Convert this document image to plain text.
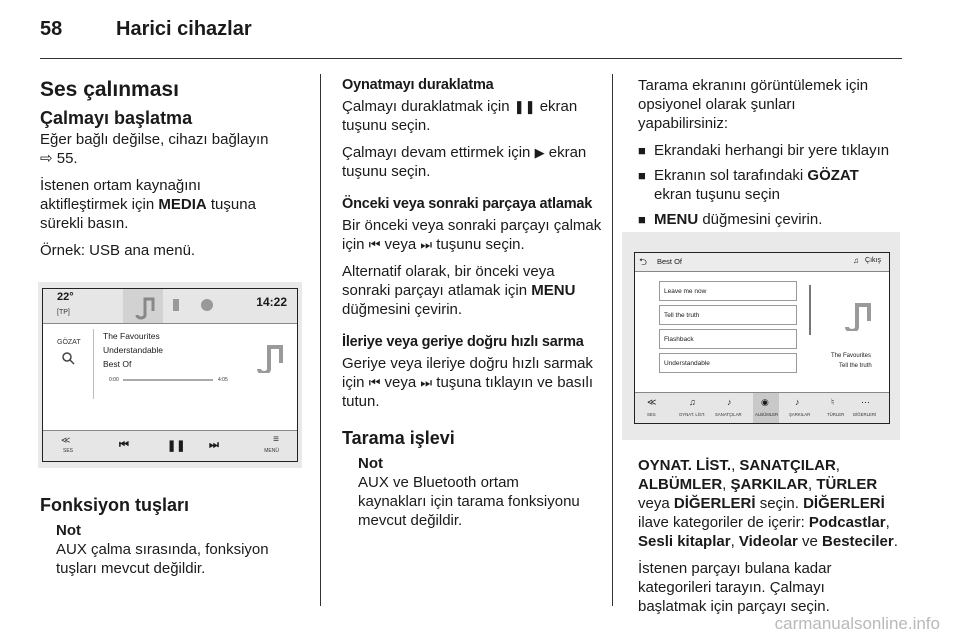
58	Harici cihazlar
Ses çalınması
Çalmayı başlatma

Eğer bağlı değilse, cihazı bağlayın
⇨ 55.

İstenen ortam kaynağını aktifleştirmek için MEDIA tuşuna sürekli basın.

Örnek: USB ana menü.

22°
[TP]
14:22
GÖZAT
The Favourites
Understandable
Best Of
0:00	4:05
≪
SES	⏮	❚❚ ⏭	≡
MENÜ
Fonksiyon tuşları
Not
AUX çalma sırasında, fonksiyon tuşları mevcut değildir.
Oynatmayı duraklatma

Çalmayı duraklatmak için ❚❚ ekran tuşunu seçin.

Çalmayı devam ettirmek için ▶ ekran tuşunu seçin.

Önceki veya sonraki parçaya atlamak

Bir önceki veya sonraki parçayı çalmak için ⏮ veya ⏭ tuşunu seçin.

Alternatif olarak, bir önceki veya sonraki parçayı atlamak için MENU düğmesini çevirin.

İleriye veya geriye doğru hızlı sarma

Geriye veya ileriye doğru hızlı sarmak için ⏮ veya ⏭ tuşuna tıklayın ve basılı tutun.

Tarama işlevi
Not
AUX ve Bluetooth ortam kaynakları için tarama fonksiyonu mevcut değildir.

Tarama ekranını görüntülemek için opsiyonel olarak şunları yapabilirsiniz:

■ Ekrandaki herhangi bir yere tıklayın
■ Ekranın sol tarafındaki GÖZAT ekran tuşunu seçin
■ MENU düğmesini çevirin.
⮌ Best Of	♫ Çıkış
Leave me now
Tell the truth
Flashback
Understandable
The Favourites
Tell the truth
≪
SES
♫
OYNAT. LİST.
♪
SANATÇILAR
◉
ALBÜMLER
♪
ŞARKILAR
♮
TÜRLER
⋯
DİĞERLERİ

OYNAT. LİST., SANATÇILAR, ALBÜMLER, ŞARKILAR, TÜRLER veya DİĞERLERİ seçin. DİĞERLERİ ilave kategoriler de içerir: Podcastlar, Sesli kitaplar, Videolar ve Besteciler.

İstenen parçayı bulana kadar kategorileri tarayın. Çalmayı başlatmak için parçayı seçin.

carmanualsonline.info
